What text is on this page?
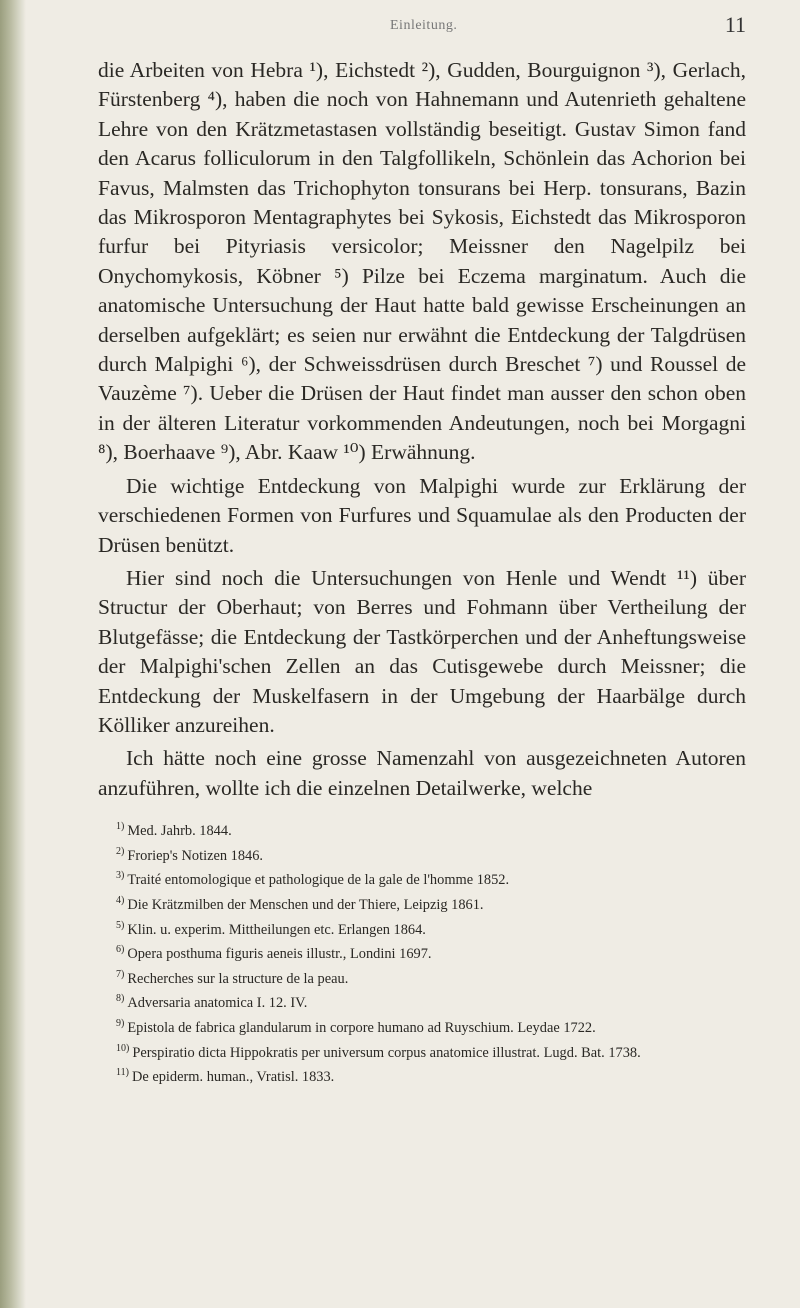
Einleitung.	11

die Arbeiten von Hebra ¹), Eichstedt ²), Gudden, Bourguignon ³), Gerlach, Fürstenberg ⁴), haben die noch von Hahnemann und Autenrieth gehaltene Lehre von den Krätzmetastasen vollständig beseitigt. Gustav Simon fand den Acarus folliculorum in den Talgfollikeln, Schönlein das Achorion bei Favus, Malmsten das Trichophyton tonsurans bei Herp. tonsurans, Bazin das Mikrosporon Mentagraphytes bei Sykosis, Eichstedt das Mikrosporon furfur bei Pityriasis versicolor; Meissner den Nagelpilz bei Onychomykosis, Köbner ⁵) Pilze bei Eczema marginatum. Auch die anatomische Untersuchung der Haut hatte bald gewisse Erscheinungen an derselben aufgeklärt; es seien nur erwähnt die Entdeckung der Talgdrüsen durch Malpighi ⁶), der Schweissdrüsen durch Breschet ⁷) und Roussel de Vauzème ⁷). Ueber die Drüsen der Haut findet man ausser den schon oben in der älteren Literatur vorkommenden Andeutungen, noch bei Morgagni ⁸), Boerhaave ⁹), Abr. Kaaw ¹⁰) Erwähnung.

Die wichtige Entdeckung von Malpighi wurde zur Erklärung der verschiedenen Formen von Furfures und Squamulae als den Producten der Drüsen benützt.

Hier sind noch die Untersuchungen von Henle und Wendt ¹¹) über Structur der Oberhaut; von Berres und Fohmann über Vertheilung der Blutgefässe; die Entdeckung der Tastkörperchen und der Anheftungsweise der Malpighi'schen Zellen an das Cutisgewebe durch Meissner; die Entdeckung der Muskelfasern in der Umgebung der Haarbälge durch Kölliker anzureihen.

Ich hätte noch eine grosse Namenzahl von ausgezeichneten Autoren anzuführen, wollte ich die einzelnen Detailwerke, welche

$^{1)}$ Med. Jahrb. 1844.
$^{2)}$ Froriep's Notizen 1846.
$^{3)}$ Traité entomologique et pathologique de la gale de l'homme 1852.
$^{4)}$ Die Krätzmilben der Menschen und der Thiere, Leipzig 1861.
$^{5)}$ Klin. u. experim. Mittheilungen etc. Erlangen 1864.
$^{6)}$ Opera posthuma figuris aeneis illustr., Londini 1697.
$^{7)}$ Recherches sur la structure de la peau.
$^{8)}$ Adversaria anatomica I. 12. IV.
$^{9)}$ Epistola de fabrica glandularum in corpore humano ad Ruyschium. Leydae 1722.
$^{10)}$ Perspiratio dicta Hippokratis per universum corpus anatomice illustrat. Lugd. Bat. 1738.
$^{11)}$ De epiderm. human., Vratisl. 1833.
